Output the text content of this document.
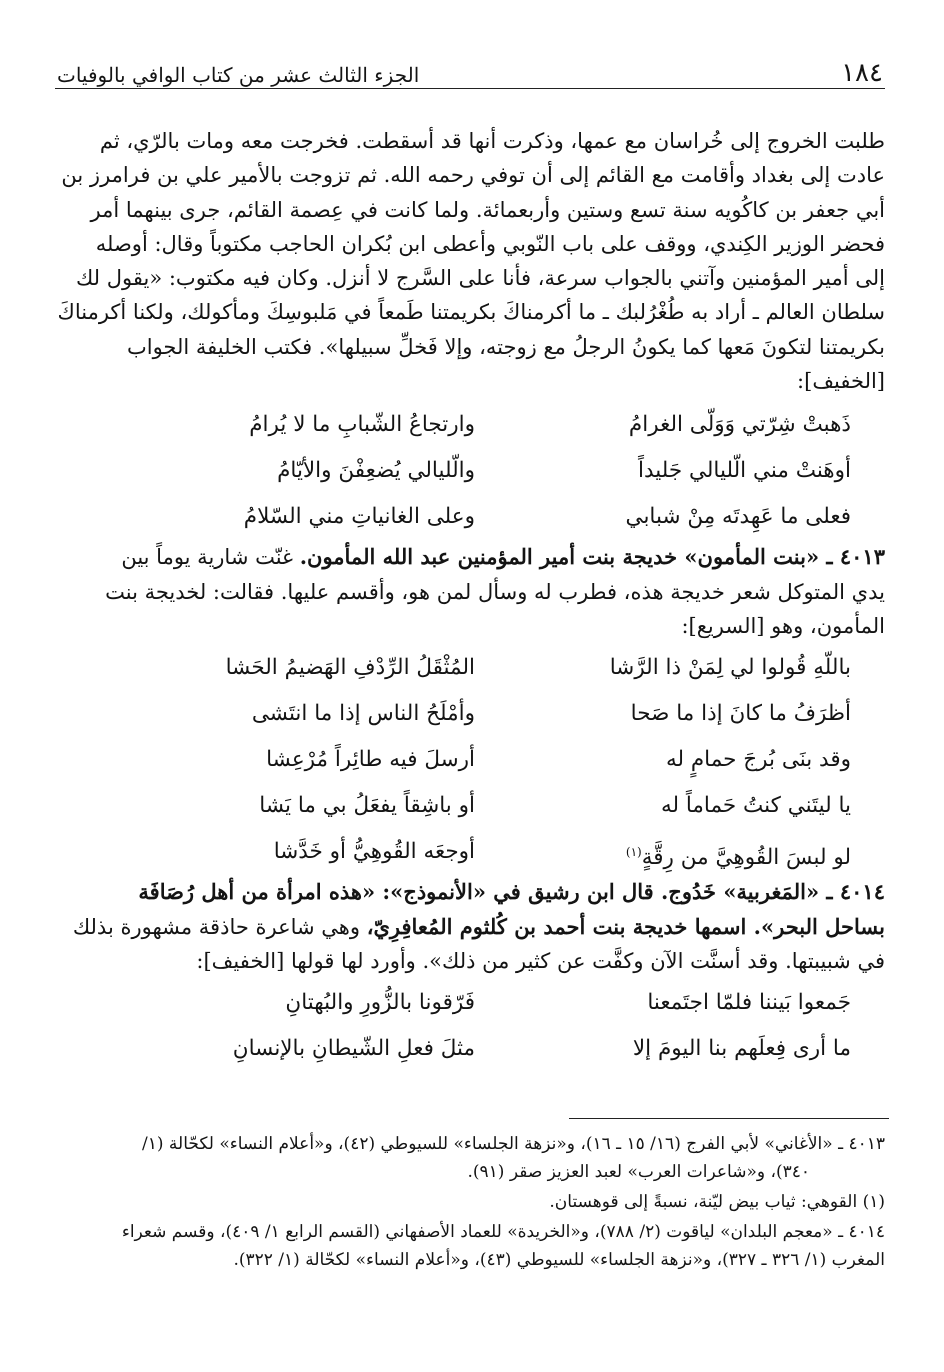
١٨٤
الجزء الثالث عشر من كتاب الوافي بالوفيات
طلبت الخروج إلى خُراسان مع عمها، وذكرت أنها قد أسقطت. فخرجت معه ومات بالرّي، ثم
عادت إلى بغداد وأقامت مع القائم إلى أن توفي رحمه الله. ثم تزوجت بالأمير علي بن فرامرز بن
أبي جعفر بن كاكُويه سنة تسع وستين وأربعمائة. ولما كانت في عِصمة القائم، جرى بينهما أمر
فحضر الوزير الكِندي، ووقف على باب النّوبي وأعطى ابن بُكران الحاجب مكتوباً وقال: أوصله
إلى أمير المؤمنين وآتني بالجواب سرعة، فأنا على السَّرج لا أنزل. وكان فيه مكتوب: «يقول لك
سلطان العالم ـ أراد به طُغْرُلبك ـ ما أكرمناكَ بكريمتنا طَمعاً في مَلبوسِكَ ومأكولك، ولكنا أكرمناكَ
بكريمتنا لتكونَ مَعها كما يكونُ الرجلُ مع زوجته، وإلا فَخلِّ سبيلها». فكتب الخليفة الجواب
[الخفيف]:
ذَهبتْ شِرّتي وَوَلّى الغرامُ
وارتجاعُ الشّبابِ ما لا يُرامُ
أوهَنتْ مني الّليالي جَليداً
والّليالي يُضعِفْنَ والأيّامُ
فعلى ما عَهِدتَه مِنْ شبابي
وعلى الغانياتِ مني السّلامُ
٤٠١٣ ـ «بنت المأمون» خديجة بنت أمير المؤمنين عبد الله المأمون. غنّت شارية يوماً بين
يدي المتوكل شعر خديجة هذه، فطرب له وسأل لمن هو، وأقسم عليها. فقالت: لخديجة بنت
المأمون، وهو [السريع]:
باللّهِ قُولوا لي لِمَنْ ذا الرَّشا
المُثْقَلُ الرِّدْفِ الهَضيمُ الحَشا
أظرَفُ ما كانَ إذا ما صَحا
وأمْلَحُ الناس إذا ما انتَشى
وقد بنَى بُرجَ حمامٍ له
أرسلَ فيه طائِراً مُرْعِشا
يا ليتَني كنتُ حَماماً له
أو باشِقاً يفعَلُ بي ما يَشا
لو لبسَ القُوهِيَّ من رِقَّةٍ$^{(١)}$
أوجعَه القُوهِيُّ أو خَدَّشا
٤٠١٤ ـ «المَغربية» خَدُوج. قال ابن رشيق في «الأنموذج»: «هذه امرأة من أهل رُصَافَة
بساحل البحر». اسمها خديجة بنت أحمد بن كُلثوم المُعافِرِيّ، وهي شاعرة حاذقة مشهورة بذلك
في شبيبتها. وقد أسنَّت الآن وكفَّت عن كثير من ذلك». وأورد لها قولها [الخفيف]:
جَمعوا بَيننا فلمّا اجتَمعنا
فَرّقونا بالزُّورِ والبُهتانِ
ما أرى فِعلَهم بنا اليومَ إلا
مثلَ فعلِ الشّيطانِ بالإنسانِ
٤٠١٣ ـ «الأغاني» لأبي الفرج (١٦/ ١٥ ـ ١٦)، و«نزهة الجلساء» للسيوطي (٤٢)، و«أعلام النساء» لكحّالة (١/
٣٤٠)، و«شاعرات العرب» لعبد العزيز صقر (٩١).
(١) القوهي: ثياب بيض ليّنة، نسبةً إلى قوهستان.
٤٠١٤ ـ «معجم البلدان» لياقوت (٢/ ٧٨٨)، و«الخريدة» للعماد الأصفهاني (القسم الرابع ١/ ٤٠٩)، وقسم شعراء
المغرب (١/ ٣٢٦ ـ ٣٢٧)، و«نزهة الجلساء» للسيوطي (٤٣)، و«أعلام النساء» لكحّالة (١/ ٣٢٢).
